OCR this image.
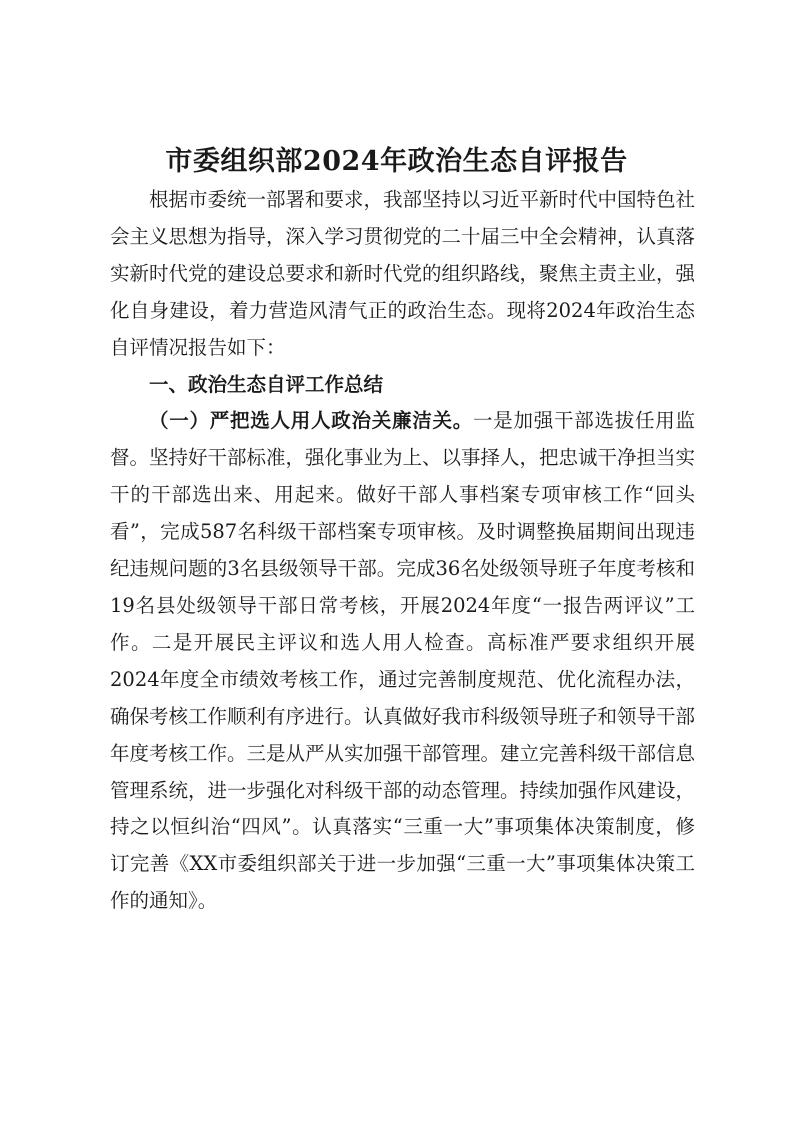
市委组织部2024年政治生态自评报告

根据市委统一部署和要求，我部坚持以习近平新时代中国特色社会主义思想为指导，深入学习贯彻党的二十届三中全会精神，认真落实新时代党的建设总要求和新时代党的组织路线，聚焦主责主业，强化自身建设，着力营造风清气正的政治生态。现将2024年政治生态自评情况报告如下：

一、政治生态自评工作总结

（一）严把选人用人政治关廉洁关。一是加强干部选拔任用监督。坚持好干部标准，强化事业为上、以事择人，把忠诚干净担当实干的干部选出来、用起来。做好干部人事档案专项审核工作“回头看”，完成587名科级干部档案专项审核。及时调整换届期间出现违纪违规问题的3名县级领导干部。完成36名处级领导班子年度考核和19名县处级领导干部日常考核，开展2024年度“一报告两评议”工作。二是开展民主评议和选人用人检查。高标准严要求组织开展2024年度全市绩效考核工作，通过完善制度规范、优化流程办法，确保考核工作顺利有序进行。认真做好我市科级领导班子和领导干部年度考核工作。三是从严从实加强干部管理。建立完善科级干部信息管理系统，进一步强化对科级干部的动态管理。持续加强作风建设，持之以恒纠治“四风”。认真落实“三重一大”事项集体决策制度，修订完善《XX市委组织部关于进一步加强“三重一大”事项集体决策工作的通知》。
